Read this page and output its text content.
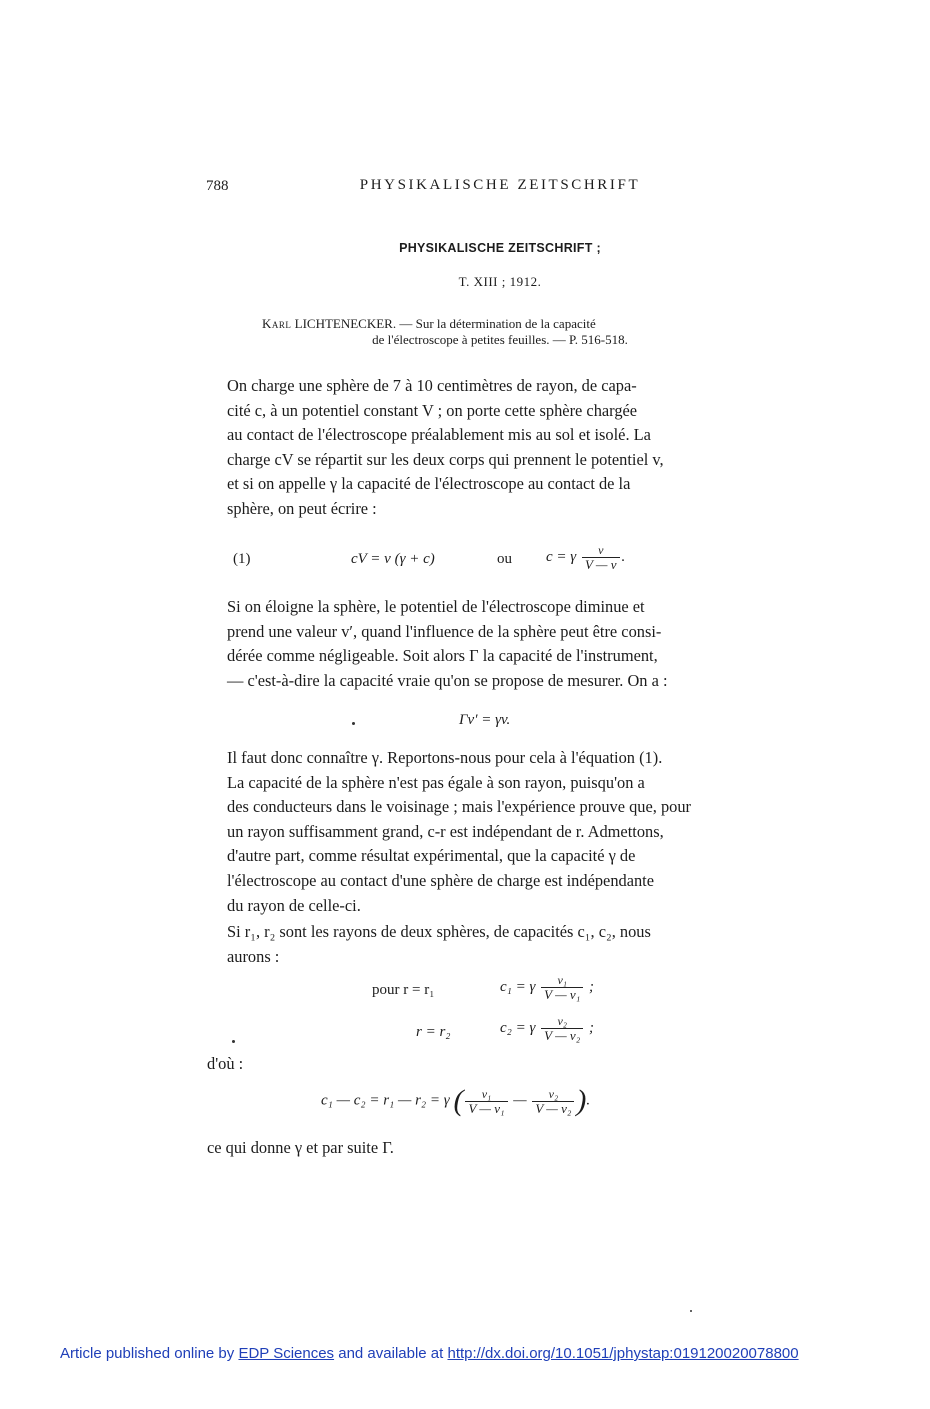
788	PHYSIKALISCHE ZEITSCHRIFT
PHYSIKALISCHE ZEITSCHRIFT ;
T. XIII ; 1912.
Karl LICHTENECKER. — Sur la détermination de la capacité
de l'électroscope à petites feuilles. — P. 516-518.
On charge une sphère de 7 à 10 centimètres de rayon, de capa-
cité c, à un potentiel constant V ; on porte cette sphère chargée
au contact de l'électroscope préalablement mis au sol et isolé. La
charge cV se répartit sur les deux corps qui prennent le potentiel v,
et si on appelle γ la capacité de l'électroscope au contact de la
sphère, on peut écrire :
(1)	cV = v (γ + c)	ou c = γ $\frac{v}{V — v}$ .
Si on éloigne la sphère, le potentiel de l'électroscope diminue et
prend une valeur v′, quand l'influence de la sphère peut être consi-
dérée comme négligeable. Soit alors Γ la capacité de l'instrument,
— c'est-à-dire la capacité vraie qu'on se propose de mesurer. On a :
Γv′ = γv.
Il faut donc connaître γ. Reportons-nous pour cela à l'équation (1).
La capacité de la sphère n'est pas égale à son rayon, puisqu'on a
des conducteurs dans le voisinage ; mais l'expérience prouve que, pour
un rayon suffisamment grand, c-r est indépendant de r. Admettons,
d'autre part, comme résultat expérimental, que la capacité γ de
l'électroscope au contact d'une sphère de charge est indépendante
du rayon de celle-ci.
Si r₁, r₂ sont les rayons de deux sphères, de capacités c₁, c₂, nous
aurons :
pour r = r₁	c₁ = γ $\frac{\text{v₁}}{\text{V — v₁}}$ ;
r = r₂	c₂ = γ $\frac{\text{v₂}}{\text{V — v₂}}$ ;
d'où :
c₁ — c₂ = r₁ — r₂ = γ ( $\frac{\text{v₁}}{\text{V — v₁}}$ — $\frac{\text{v₂}}{\text{V — v₂}}$ ).
ce qui donne γ et par suite Γ.
Article published online by EDP Sciences and available at http://dx.doi.org/10.1051/jphystap:019120020078800
